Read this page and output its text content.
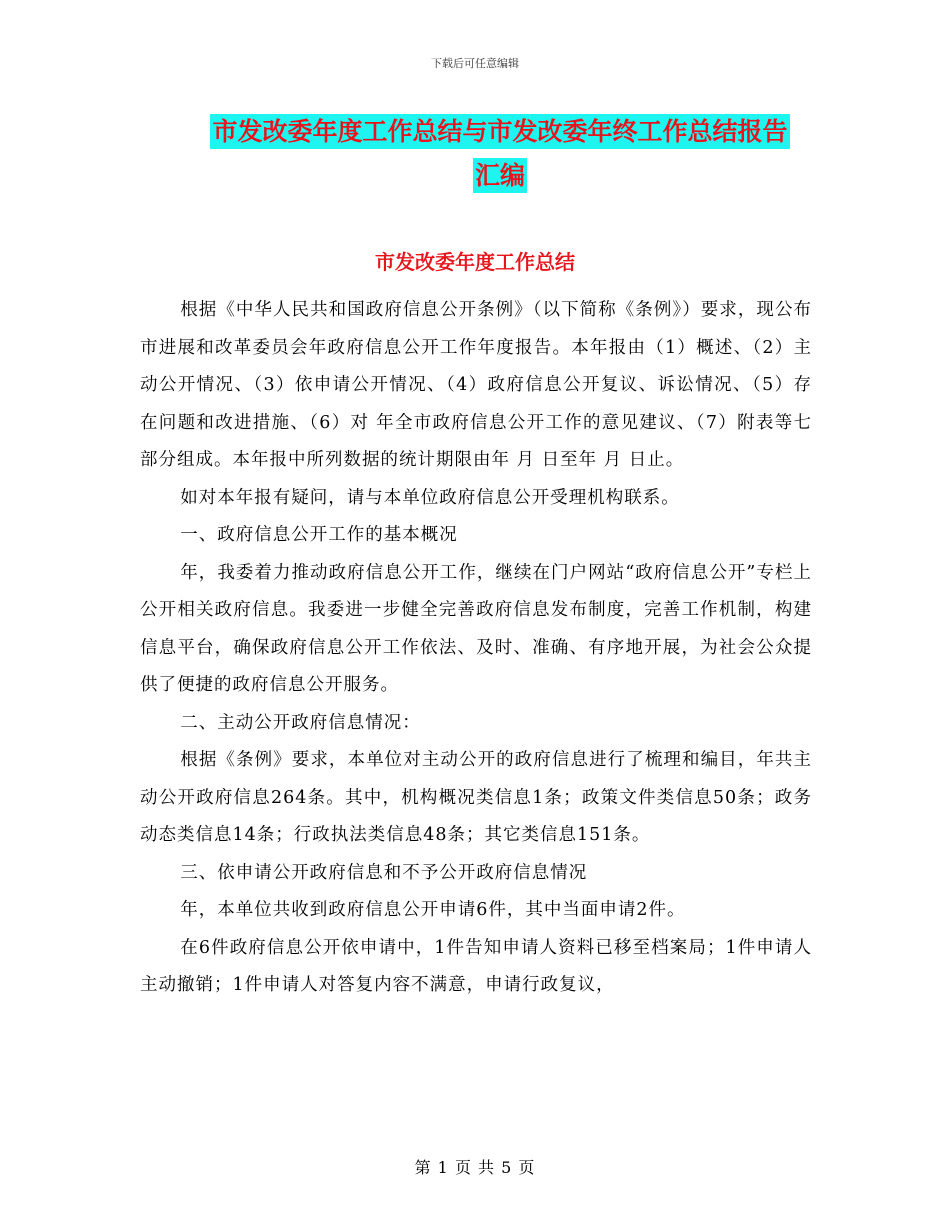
下载后可任意编辑
市发改委年度工作总结与市发改委年终工作总结报告
汇编
市发改委年度工作总结

根据《中华人民共和国政府信息公开条例》（以下简称《条例》）要求，现公布市进展和改革委员会年政府信息公开工作年度报告。本年报由（1）概述、（2）主动公开情况、（3）依申请公开情况、（4）政府信息公开复议、诉讼情况、（5）存在问题和改进措施、（6）对 年全市政府信息公开工作的意见建议、（7）附表等七部分组成。本年报中所列数据的统计期限由年 月 日至年 月 日止。

如对本年报有疑问，请与本单位政府信息公开受理机构联系。

一、政府信息公开工作的基本概况

年，我委着力推动政府信息公开工作，继续在门户网站“政府信息公开”专栏上公开相关政府信息。我委进一步健全完善政府信息发布制度，完善工作机制，构建信息平台，确保政府信息公开工作依法、及时、准确、有序地开展，为社会公众提供了便捷的政府信息公开服务。

二、主动公开政府信息情况：

根据《条例》要求，本单位对主动公开的政府信息进行了梳理和编目，年共主动公开政府信息264条。其中，机构概况类信息1条；政策文件类信息50条；政务动态类信息14条；行政执法类信息48条；其它类信息151条。

三、依申请公开政府信息和不予公开政府信息情况

年，本单位共收到政府信息公开申请6件，其中当面申请2件。

在6件政府信息公开依申请中，1件告知申请人资料已移至档案局；1件申请人主动撤销；1件申请人对答复内容不满意，申请行政复议，

第 1 页 共 5 页
